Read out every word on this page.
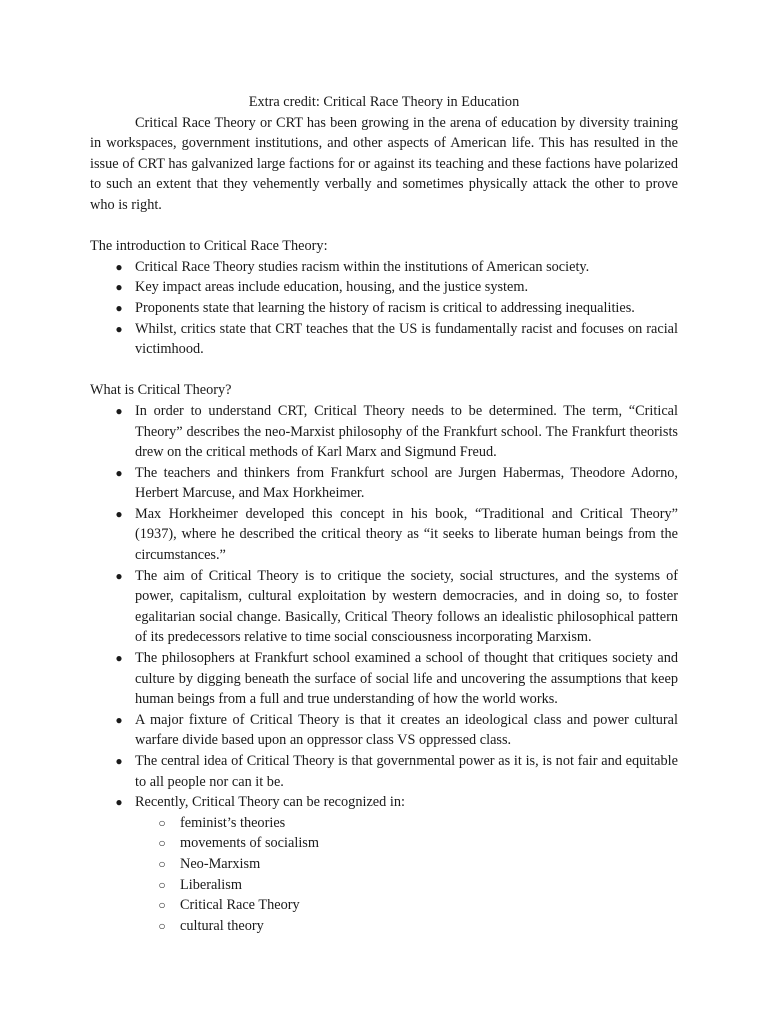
Extra credit: Critical Race Theory in Education

Critical Race Theory or CRT has been growing in the arena of education by diversity training in workspaces, government institutions, and other aspects of American life. This has resulted in the issue of CRT has galvanized large factions for or against its teaching and these factions have polarized to such an extent that they vehemently verbally and sometimes physically attack the other to prove who is right.

The introduction to Critical Race Theory:

● Critical Race Theory studies racism within the institutions of American society.
● Key impact areas include education, housing, and the justice system.
● Proponents state that learning the history of racism is critical to addressing inequalities.
● Whilst, critics state that CRT teaches that the US is fundamentally racist and focuses on racial victimhood.

What is Critical Theory?

● In order to understand CRT, Critical Theory needs to be determined. The term, “Critical Theory” describes the neo-Marxist philosophy of the Frankfurt school. The Frankfurt theorists drew on the critical methods of Karl Marx and Sigmund Freud.
● The teachers and thinkers from Frankfurt school are Jurgen Habermas, Theodore Adorno, Herbert Marcuse, and Max Horkheimer.
● Max Horkheimer developed this concept in his book, “Traditional and Critical Theory” (1937), where he described the critical theory as “it seeks to liberate human beings from the circumstances.”
● The aim of Critical Theory is to critique the society, social structures, and the systems of power, capitalism, cultural exploitation by western democracies, and in doing so, to foster egalitarian social change. Basically, Critical Theory follows an idealistic philosophical pattern of its predecessors relative to time social consciousness incorporating Marxism.
● The philosophers at Frankfurt school examined a school of thought that critiques society and culture by digging beneath the surface of social life and uncovering the assumptions that keep human beings from a full and true understanding of how the world works.
● A major fixture of Critical Theory is that it creates an ideological class and power cultural warfare divide based upon an oppressor class VS oppressed class.
● The central idea of Critical Theory is that governmental power as it is, is not fair and equitable to all people nor can it be.
● Recently, Critical Theory can be recognized in:
○ feminist’s theories
○ movements of socialism
○ Neo-Marxism
○ Liberalism
○ Critical Race Theory
○ cultural theory
